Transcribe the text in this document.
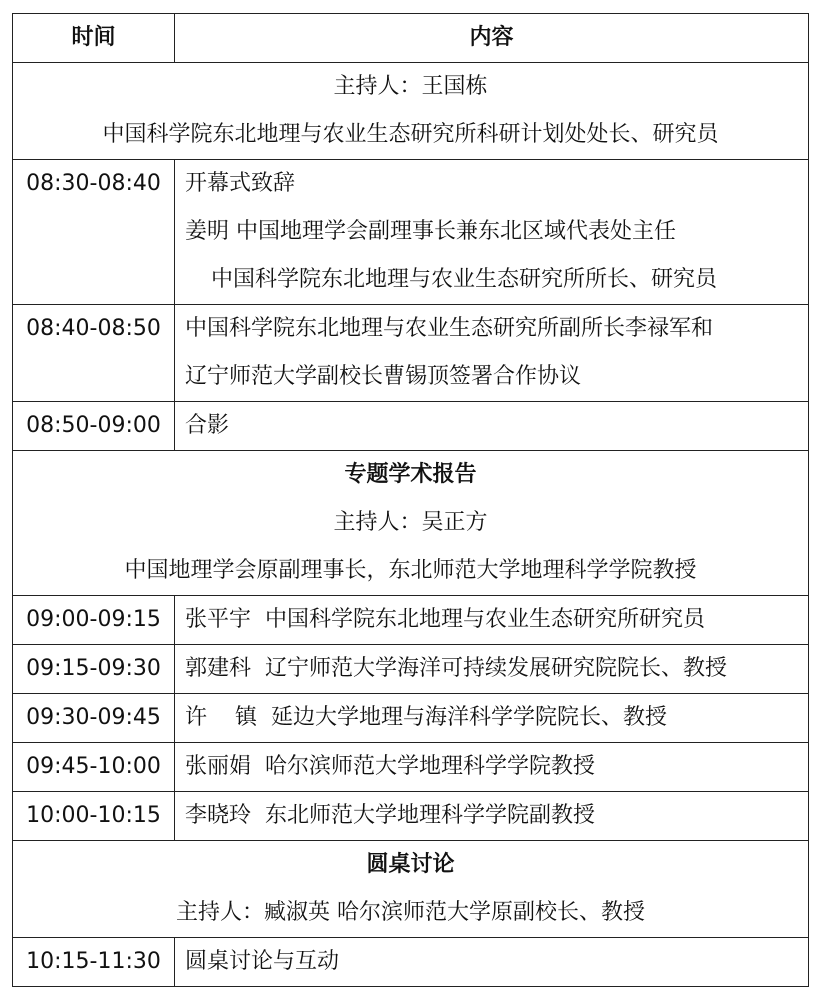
时间	内容

主持人：王国栋
中国科学院东北地理与农业生态研究所科研计划处处长、研究员	

08:30-08:40	开幕式致辞
姜明 中国地理学会副理事长兼东北区域代表处主任
中国科学院东北地理与农业生态研究所所长、研究员

08:40-08:50	中国科学院东北地理与农业生态研究所副所长李禄军和
辽宁师范大学副校长曹锡顶签署合作协议

08:50-09:00	合影

专题学术报告
主持人：吴正方
中国地理学会原副理事长，东北师范大学地理科学学院教授	

09:00-09:15	张平宇  中国科学院东北地理与农业生态研究所研究员
09:15-09:30	郭建科  辽宁师范大学海洋可持续发展研究院院长、教授
09:30-09:45	许    镇  延边大学地理与海洋科学学院院长、教授
09:45-10:00	张丽娟  哈尔滨师范大学地理科学学院教授
10:00-10:15	李晓玲  东北师范大学地理科学学院副教授

圆桌讨论
主持人：臧淑英 哈尔滨师范大学原副校长、教授	

10:15-11:30	圆桌讨论与互动
